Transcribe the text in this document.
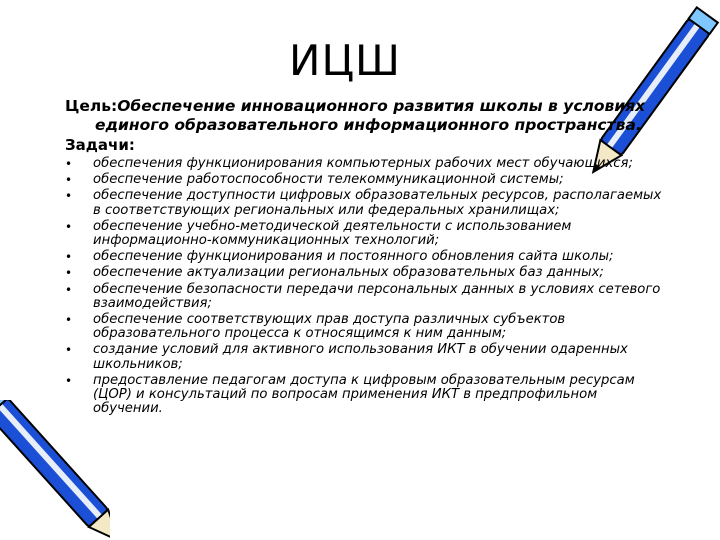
ИЦШ
Цель:Обеспечение инновационного развития школы в условиях
единого образовательного информационного пространства.
Задачи:
• обеспечения функционирования компьютерных рабочих мест обучающихся;
• обеспечение работоспособности телекоммуникационной системы;
• обеспечение доступности цифровых образовательных ресурсов, располагаемых в соответствующих региональных или федеральных хранилищах;
• обеспечение учебно-методической деятельности с использованием информационно-коммуникационных технологий;
• обеспечение функционирования и постоянного обновления сайта школы;
• обеспечение актуализации региональных образовательных баз данных;
• обеспечение безопасности передачи персональных данных в условиях сетевого взаимодействия;
• обеспечение соответствующих прав доступа различных субъектов образовательного процесса к относящимся к ним данным;
• создание условий для активного использования ИКТ в обучении одаренных школьников;
• предоставление педагогам доступа к цифровым образовательным ресурсам (ЦОР) и консультаций по вопросам применения ИКТ в предпрофильном обучении.
